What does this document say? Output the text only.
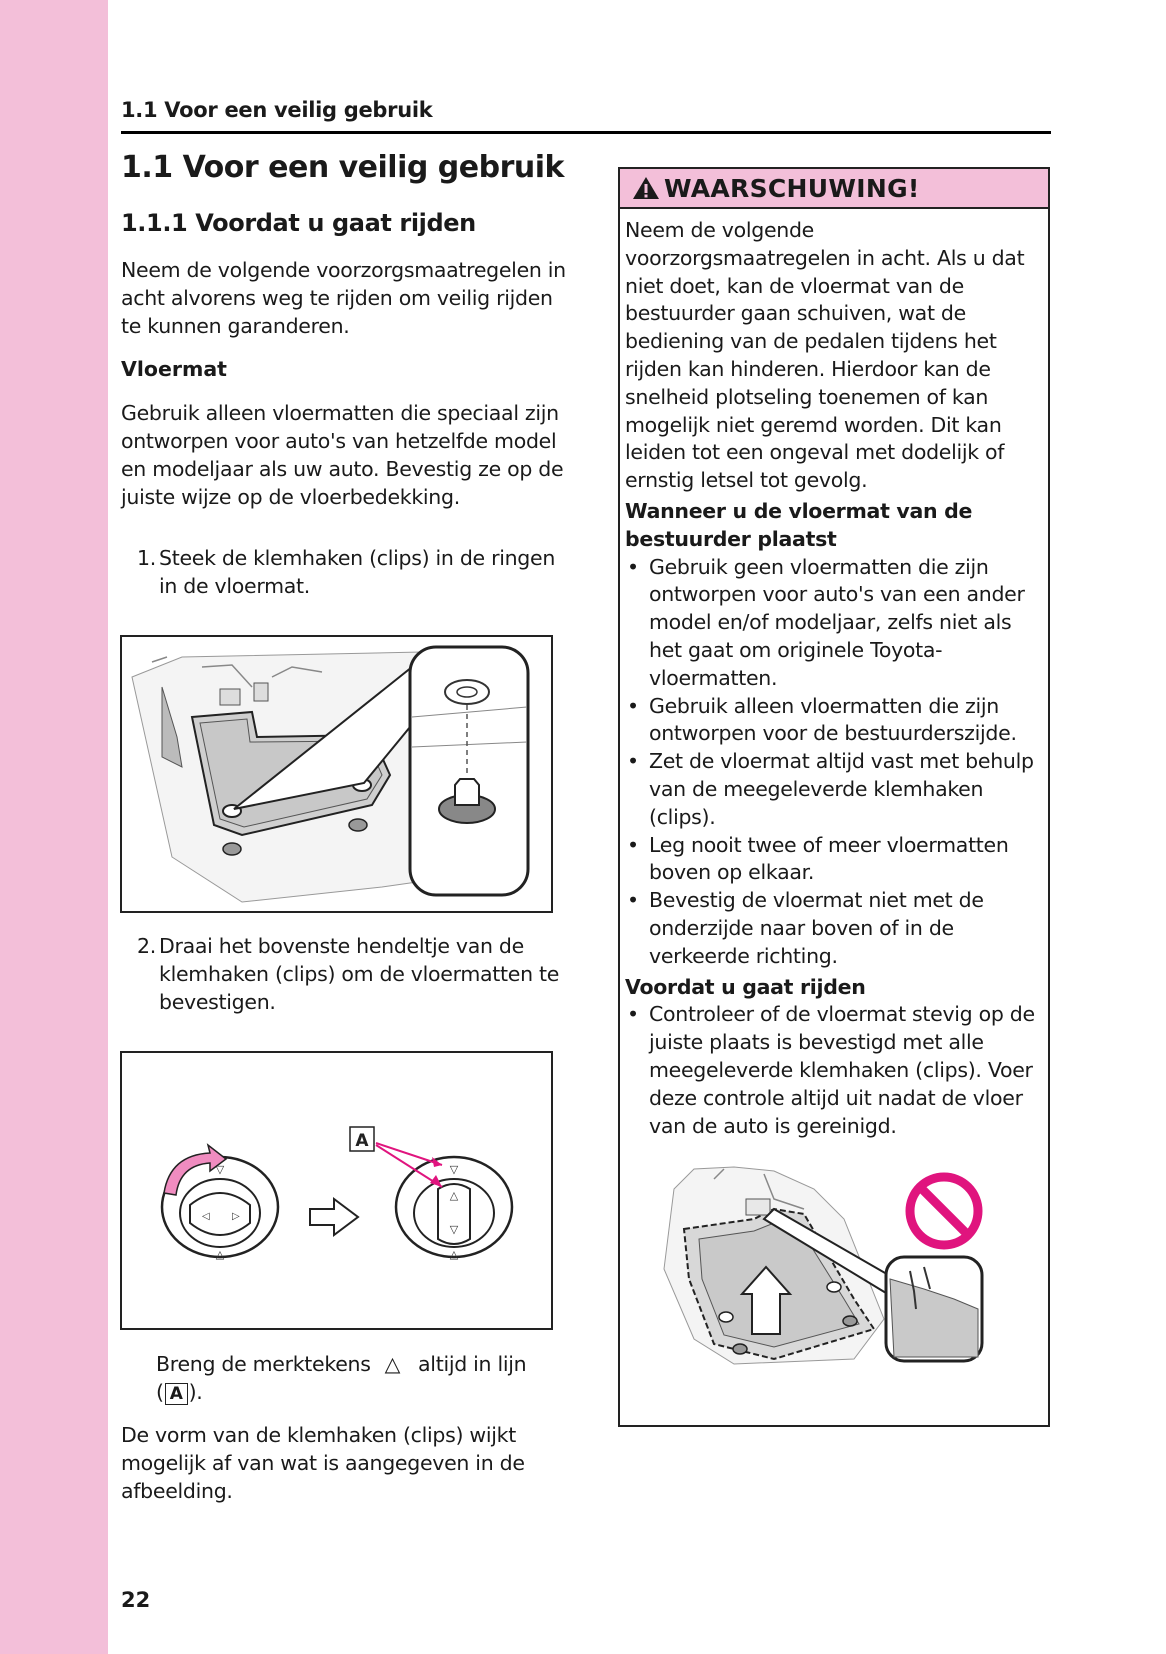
1.1 Voor een veilig gebruik
1.1 Voor een veilig gebruik
1.1.1 Voordat u gaat rijden

Neem de volgende voorzorgsmaatregelen in acht alvorens weg te rijden om veilig rijden te kunnen garanderen.

Vloermat

Gebruik alleen vloermatten die speciaal zijn ontworpen voor auto's van hetzelfde model en modeljaar als uw auto. Bevestig ze op de juiste wijze op de vloerbedekking.

1. Steek de klemhaken (clips) in de ringen in de vloermat.
2. Draai het bovenste hendeltje van de klemhaken (clips) om de vloermatten te bevestigen.
▽
△
◁ ▷
▽
△
▽
△
A

Breng de merktekens △ altijd in lijn
( A ).

De vorm van de klemhaken (clips) wijkt mogelijk af van wat is aangegeven in de afbeelding.

22

WAARSCHUWING!

Neem de volgende voorzorgsmaatregelen in acht. Als u dat niet doet, kan de vloermat van de bestuurder gaan schuiven, wat de bediening van de pedalen tijdens het rijden kan hinderen. Hierdoor kan de snelheid plotseling toenemen of kan mogelijk niet geremd worden. Dit kan leiden tot een ongeval met dodelijk of ernstig letsel tot gevolg.

Wanneer u de vloermat van de bestuurder plaatst

• Gebruik geen vloermatten die zijn ontworpen voor auto's van een ander model en/of modeljaar, zelfs niet als het gaat om originele Toyota-vloermatten.
• Gebruik alleen vloermatten die zijn ontworpen voor de bestuurderszijde.
• Zet de vloermat altijd vast met behulp van de meegeleverde klemhaken (clips).
• Leg nooit twee of meer vloermatten boven op elkaar.
• Bevestig de vloermat niet met de onderzijde naar boven of in de verkeerde richting.

Voordat u gaat rijden

• Controleer of de vloermat stevig op de juiste plaats is bevestigd met alle meegeleverde klemhaken (clips). Voer deze controle altijd uit nadat de vloer van de auto is gereinigd.
